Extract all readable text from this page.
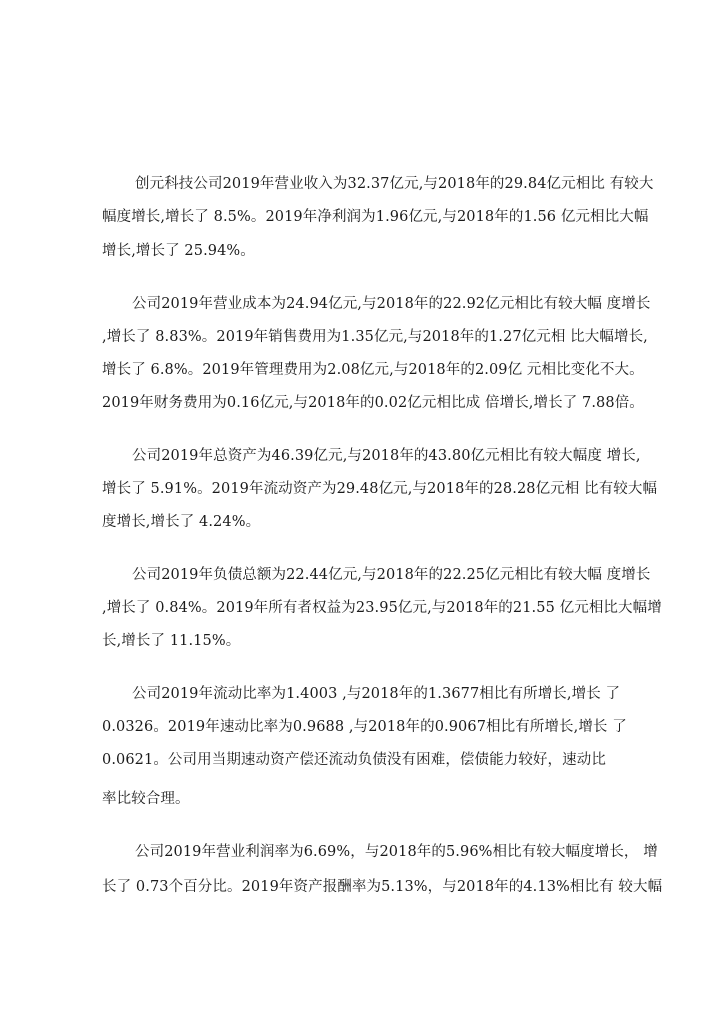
创元科技公司2019年营业收入为32.37亿元,与2018年的29.84亿元相比 有较大
幅度增长,增长了 8.5%。2019年净利润为1.96亿元,与2018年的1.56 亿元相比大幅
增长,增长了 25.94%。
公司2019年营业成本为24.94亿元,与2018年的22.92亿元相比有较大幅 度增长
,增长了 8.83%。2019年销售费用为1.35亿元,与2018年的1.27亿元相 比大幅增长,
增长了 6.8%。2019年管理费用为2.08亿元,与2018年的2.09亿 元相比变化不大。
2019年财务费用为0.16亿元,与2018年的0.02亿元相比成 倍增长,增长了 7.88倍。
公司2019年总资产为46.39亿元,与2018年的43.80亿元相比有较大幅度 增长,
增长了 5.91%。2019年流动资产为29.48亿元,与2018年的28.28亿元相 比有较大幅
度增长,增长了 4.24%。
公司2019年负债总额为22.44亿元,与2018年的22.25亿元相比有较大幅 度增长
,增长了 0.84%。2019年所有者权益为23.95亿元,与2018年的21.55 亿元相比大幅增
长,增长了 11.15%。
公司2019年流动比率为1.4003 ,与2018年的1.3677相比有所增长,增长 了
0.0326。2019年速动比率为0.9688 ,与2018年的0.9067相比有所增长,增长 了
0.0621。公司用当期速动资产偿还流动负债没有困难，偿债能力较好，速动比
率比较合理。
公司2019年营业利润率为6.69%，与2018年的5.96%相比有较大幅度增长， 增
长了 0.73个百分比。2019年资产报酬率为5.13%，与2018年的4.13%相比有 较大幅
